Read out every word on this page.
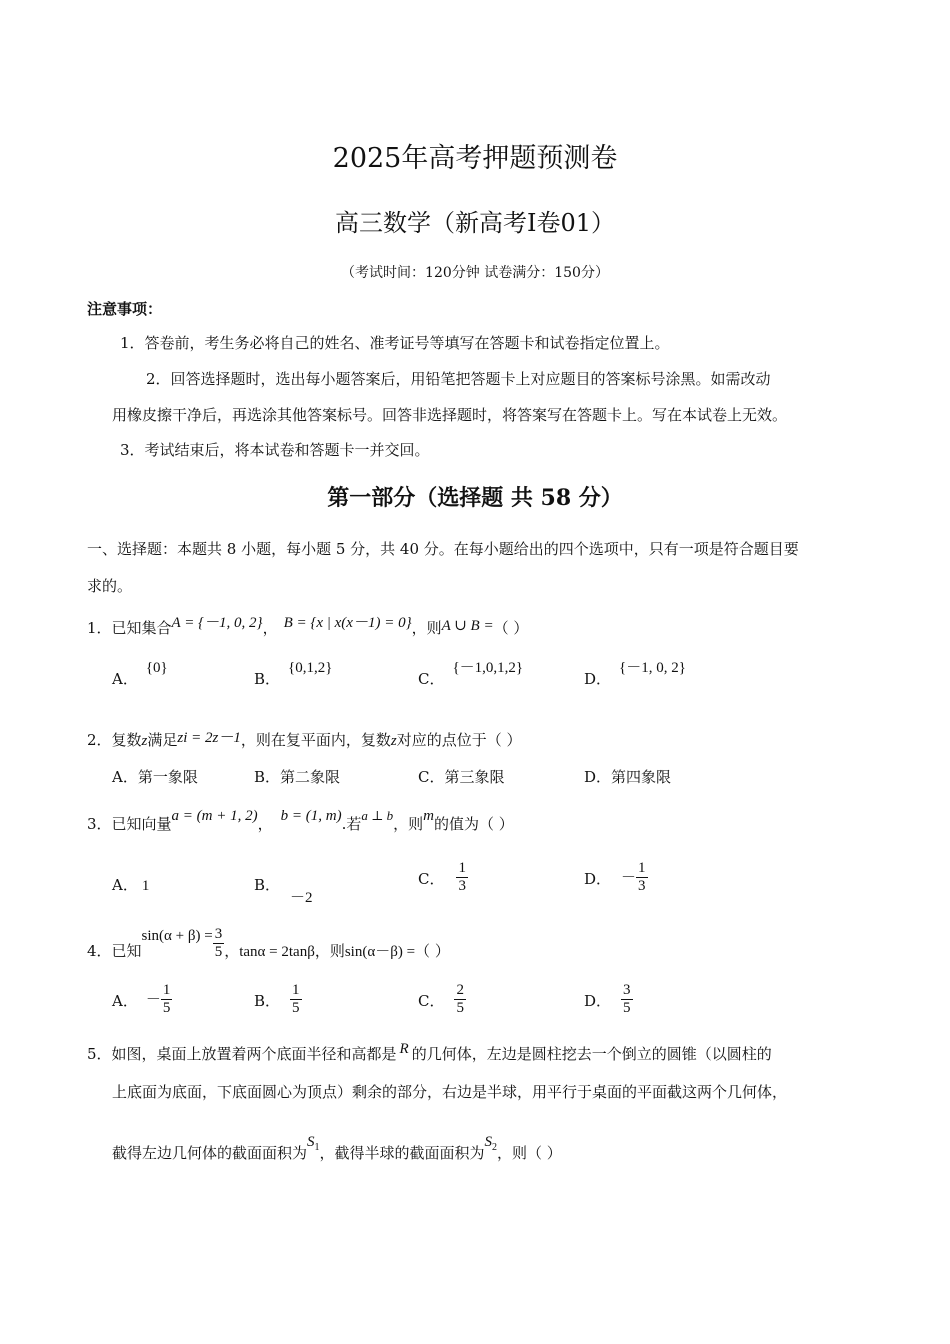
2025年高考押题预测卷
高三数学（新高考Ⅰ卷01）
（考试时间：120分钟 试卷满分：150分）
注意事项：
1．答卷前，考生务必将自己的姓名、准考证号等填写在答题卡和试卷指定位置上。
2．回答选择题时，选出每小题答案后，用铅笔把答题卡上对应题目的答案标号涂黑。如需改动
用橡皮擦干净后，再选涂其他答案标号。回答非选择题时，将答案写在答题卡上。写在本试卷上无效。
3．考试结束后，将本试卷和答题卡一并交回。
第一部分（选择题 共 58 分）
一、选择题：本题共 8 小题，每小题 5 分，共 40 分。在每小题给出的四个选项中，只有一项是符合题目要
求的。
1．已知集合A = {－1, 0, 2}， B = {x | x(x－1) = 0}，则A ∪ B =（ ）
A．{0}
B．{0,1,2}
C．{－1,0,1,2}
D．{－1, 0, 2}
2．复数z满足zi = 2z－1，则在复平面内，复数z对应的点位于（ ）
A．第一象限	B．第二象限	C．第三象限	D．第四象限
3．已知向量a = (m + 1, 2)， b = (1, m).若a ⊥ b，则m的值为（ ）
A． 1	B．－2
C． $\frac{1}{3}$	D． － $\frac{1}{3}$
4．已知$\sin(\alpha + \beta) = \frac{3}{5}$ ，tanα = 2tanβ，则sin(α－β) =（ ）
A． － $\frac{1}{5}$	B． $\frac{1}{5}$	C． $\frac{2}{5}$	D． $\frac{3}{5}$
5．如图，桌面上放置着两个底面半径和高都是 R 的几何体，左边是圆柱挖去一个倒立的圆锥（以圆柱的
上底面为底面，下底面圆心为顶点）剩余的部分，右边是半球，用平行于桌面的平面截这两个几何体，
截得左边几何体的截面面积为$S_1$，截得半球的截面面积为$S_2$，则（ ）
